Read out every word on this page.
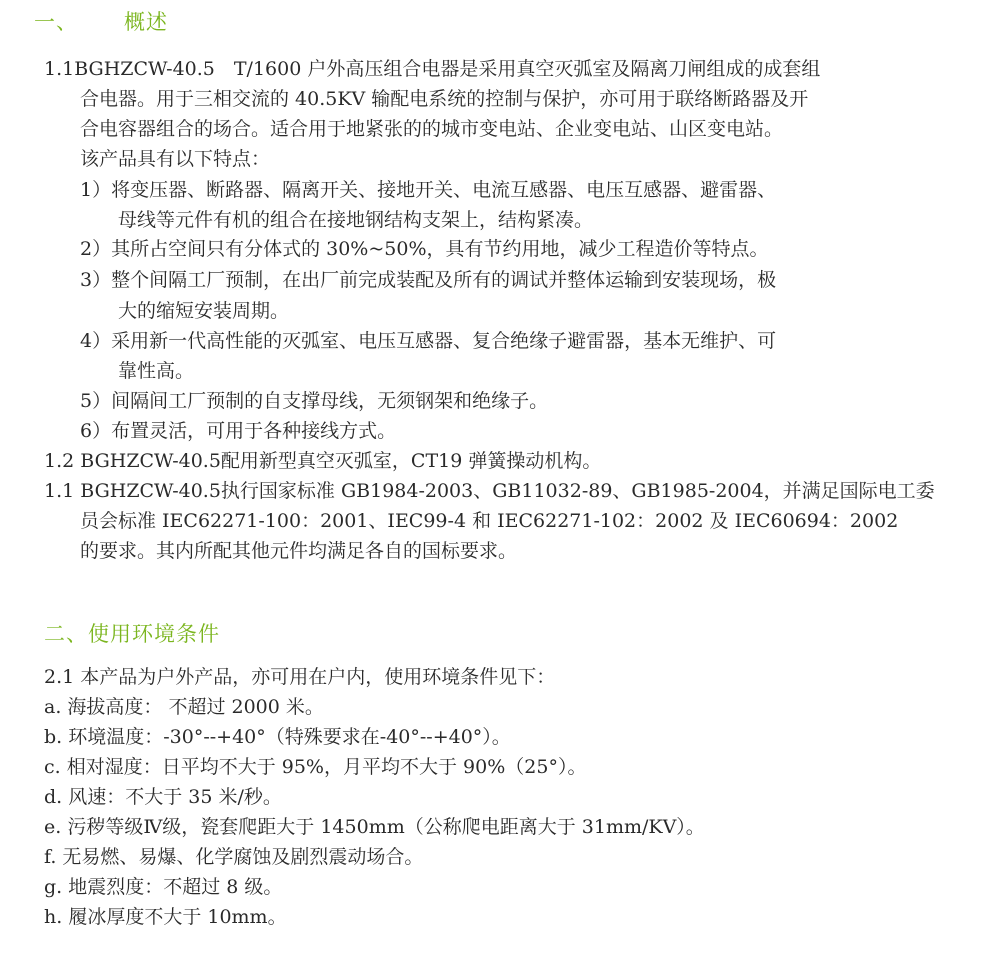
一、 概述
1.1BGHZCW-40.5　T/1600 户外高压组合电器是采用真空灭弧室及隔离刀闸组成的成套组
合电器。用于三相交流的 40.5KV 输配电系统的控制与保护，亦可用于联络断路器及开
合电容器组合的场合。适合用于地紧张的的城市变电站、企业变电站、山区变电站。
该产品具有以下特点：
1）将变压器、断路器、隔离开关、接地开关、电流互感器、电压互感器、避雷器、
母线等元件有机的组合在接地钢结构支架上，结构紧凑。
2）其所占空间只有分体式的 30%~50%，具有节约用地，减少工程造价等特点。
3）整个间隔工厂预制，在出厂前完成装配及所有的调试并整体运输到安装现场，极
大的缩短安装周期。
4）采用新一代高性能的灭弧室、电压互感器、复合绝缘子避雷器，基本无维护、可
靠性高。
5）间隔间工厂预制的自支撑母线，无须钢架和绝缘子。
6）布置灵活，可用于各种接线方式。
1.2 BGHZCW-40.5配用新型真空灭弧室，CT19 弹簧操动机构。
1.1 BGHZCW-40.5执行国家标准 GB1984-2003、GB11032-89、GB1985-2004，并满足国际电工委
员会标准 IEC62271-100：2001、IEC99-4 和 IEC62271-102：2002 及 IEC60694：2002
的要求。其内所配其他元件均满足各自的国标要求。
二、使用环境条件
2.1 本产品为户外产品，亦可用在户内，使用环境条件见下：
a. 海拔高度： 不超过 2000 米。
b. 环境温度：-30°--+40°（特殊要求在-40°--+40°）。
c. 相对湿度：日平均不大于 95%，月平均不大于 90%（25°）。
d. 风速：不大于 35 米/秒。
e. 污秽等级Ⅳ级，瓷套爬距大于 1450mm（公称爬电距离大于 31mm/KV）。
f. 无易燃、易爆、化学腐蚀及剧烈震动场合。
g. 地震烈度：不超过 8 级。
h. 履冰厚度不大于 10mm。
